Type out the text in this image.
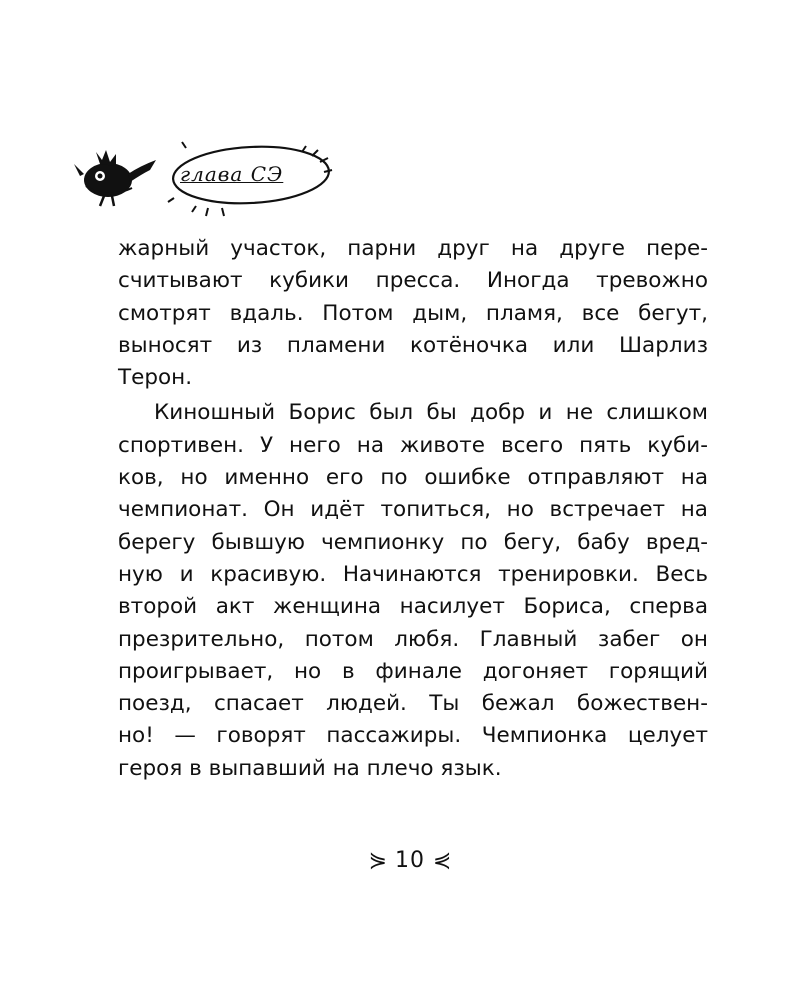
глава СЭ
жарный участок, парни друг на друге пере-
считывают кубики пресса. Иногда тревожно
смотрят вдаль. Потом дым, пламя, все бегут,
выносят из пламени котёночка или Шарлиз
Терон.
Киношный Борис был бы добр и не слишком
спортивен. У него на животе всего пять куби-
ков, но именно его по ошибке отправляют на
чемпионат. Он идёт топиться, но встречает на
берегу бывшую чемпионку по бегу, бабу вред-
ную и красивую. Начинаются тренировки. Весь
второй акт женщина насилует Бориса, сперва
презрительно, потом любя. Главный забег он
проигрывает, но в финале догоняет горящий
поезд, спасает людей. Ты бежал божествен-
но! — говорят пассажиры. Чемпионка целует
героя в выпавший на плечо язык.
⋟ 10 ⋞
